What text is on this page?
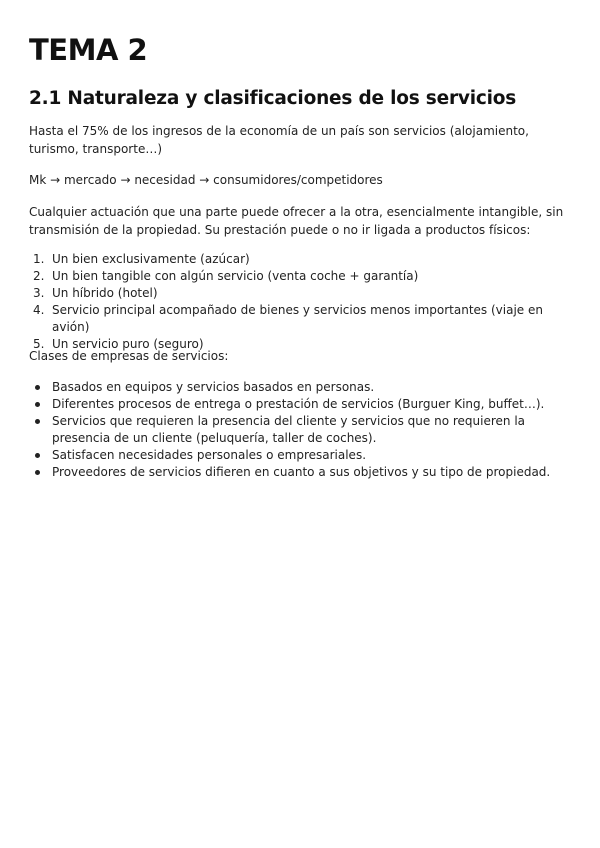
TEMA 2
2.1 Naturaleza y clasificaciones de los servicios

Hasta el 75% de los ingresos de la economía de un país son servicios (alojamiento, turismo, transporte…)

Mk → mercado → necesidad → consumidores/competidores

Cualquier actuación que una parte puede ofrecer a la otra, esencialmente intangible, sin transmisión de la propiedad. Su prestación puede o no ir ligada a productos físicos:

1. Un bien exclusivamente (azúcar)
2. Un bien tangible con algún servicio (venta coche + garantía)
3. Un híbrido (hotel)
4. Servicio principal acompañado de bienes y servicios menos importantes (viaje en avión)
5. Un servicio puro (seguro)

Clases de empresas de servicios:

Basados en equipos y servicios basados en personas.
Diferentes procesos de entrega o prestación de servicios (Burguer King, buffet…).
Servicios que requieren la presencia del cliente y servicios que no requieren la presencia de un cliente (peluquería, taller de coches).
Satisfacen necesidades personales o empresariales.
Proveedores de servicios difieren en cuanto a sus objetivos y su tipo de propiedad.
